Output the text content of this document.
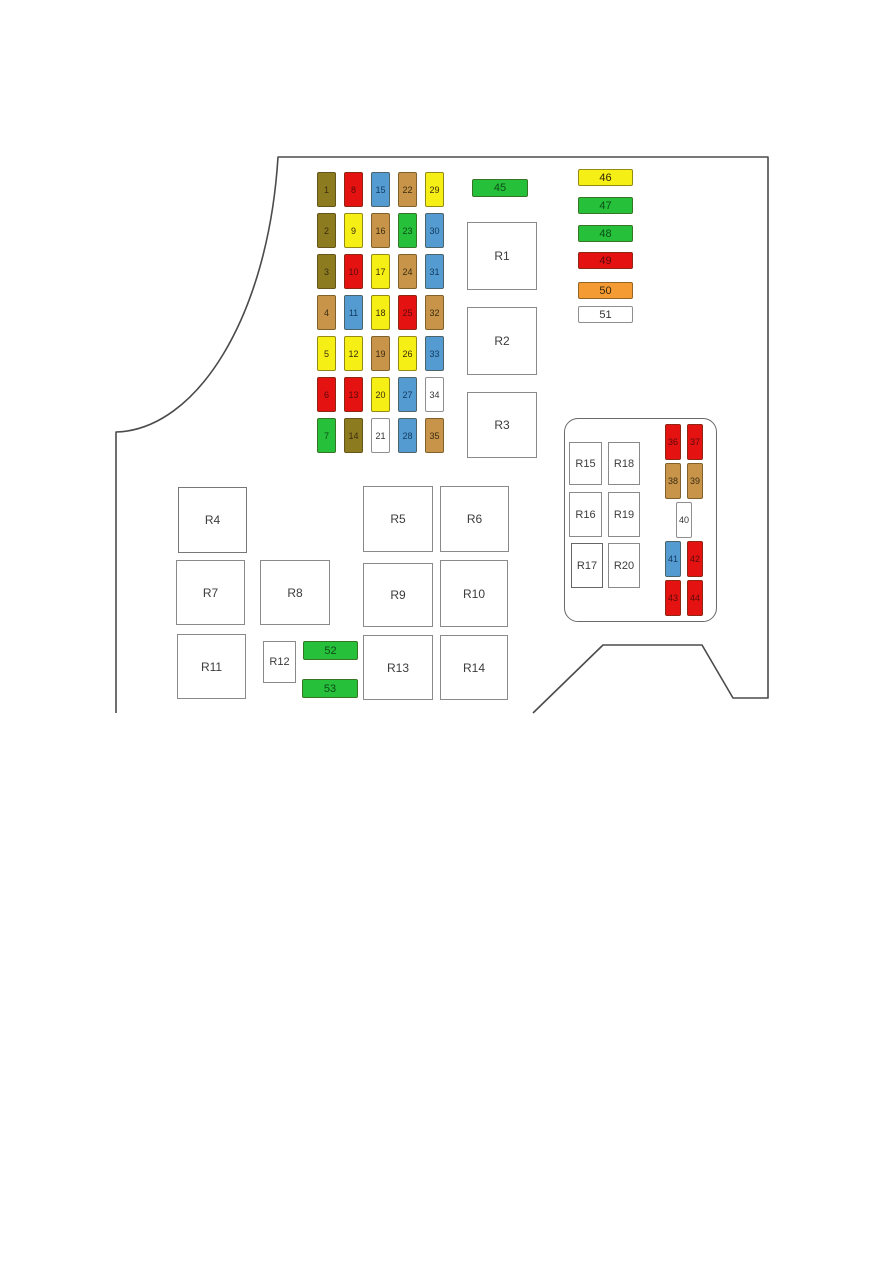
1
2
3
4
5
6
7
8
9
10
11
12
13
14
15
16
17
18
19
20
21
22
23
24
25
26
27
28
29
30
31
32
33
34
35
45
46
47
48
49
50
51
R1
R2
R3
R15
R16
R17
R18
R19
R20
36 37
38 39
40
41 42
43 44
R4	R5	R6
R7	R8	R9	R10
R11	R12	R13	R14
52
53
